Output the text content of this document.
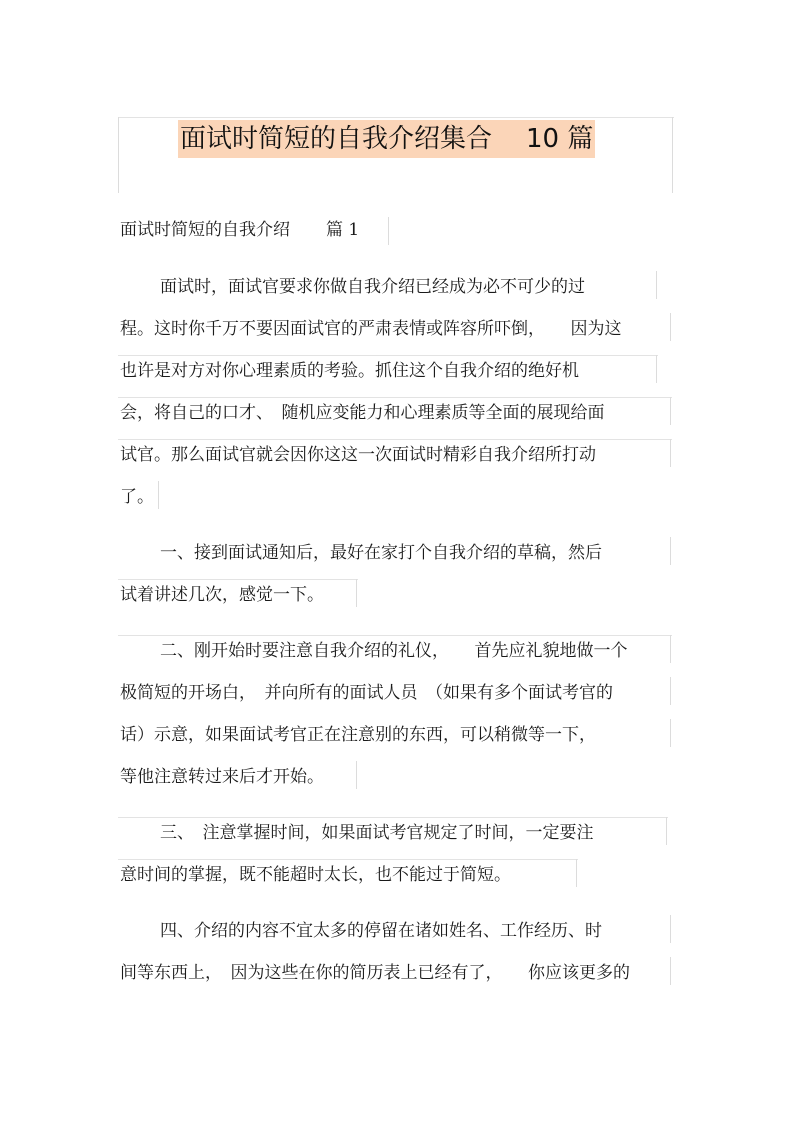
面试时简短的自我介绍集合 10 篇
面试时简短的自我介绍 篇 1
面试时，面试官要求你做自我介绍已经成为必不可少的过
程。这时你千万不要因面试官的严肃表情或阵容所吓倒，　　因为这
也许是对方对你心理素质的考验。抓住这个自我介绍的绝好机
会，将自己的口才、　随机应变能力和心理素质等全面的展现给面
试官。那么面试官就会因你这这一次面试时精彩自我介绍所打动
了。
一、接到面试通知后，最好在家打个自我介绍的草稿，然后
试着讲述几次，感觉一下。
二、刚开始时要注意自我介绍的礼仪，　　首先应礼貌地做一个
极简短的开场白，　并向所有的面试人员　（如果有多个面试考官的
话）示意，如果面试考官正在注意别的东西，可以稍微等一下，
等他注意转过来后才开始。
三、　注意掌握时间，如果面试考官规定了时间，一定要注
意时间的掌握，既不能超时太长，也不能过于简短。
四、介绍的内容不宜太多的停留在诸如姓名、工作经历、时
间等东西上，　因为这些在你的简历表上已经有了，　　你应该更多的
